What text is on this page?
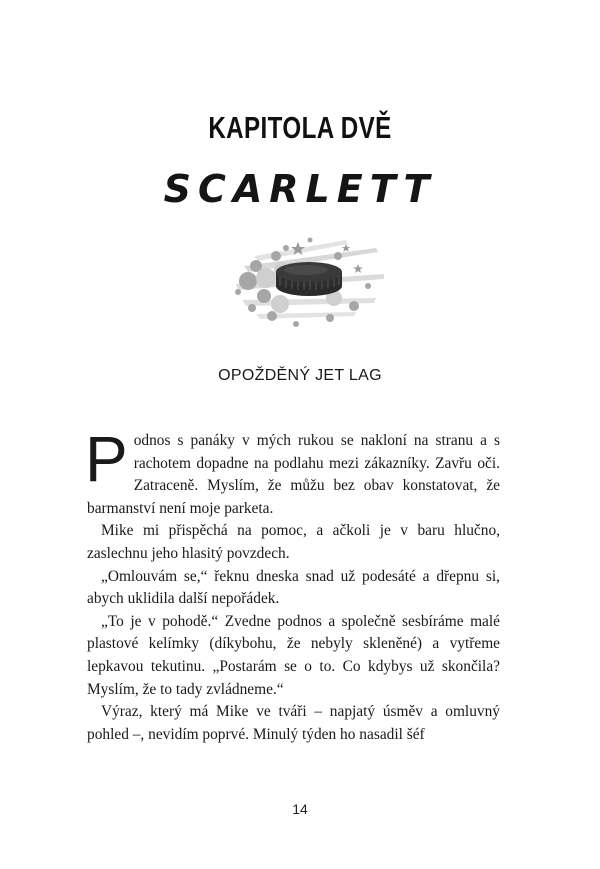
KAPITOLA DVĚ
SCARLETT
OPOŽDĚNÝ JET LAG

Podnos s panáky v mých rukou se nakloní na stranu a s rachotem dopadne na podlahu mezi zákazníky. Zavřu oči. Zatraceně. Myslím, že můžu bez obav konstatovat, že barmanství není moje parketa.

Mike mi přispěchá na pomoc, a ačkoli je v baru hlučno, zaslechnu jeho hlasitý povzdech.

„Omlouvám se,“ řeknu dneska snad už podesáté a dřepnu si, abych uklidila další nepořádek.

„To je v pohodě.“ Zvedne podnos a společně sesbíráme malé plastové kelímky (díkybohu, že nebyly skleněné) a vytřeme lepkavou tekutinu. „Postarám se o to. Co kdybys už skončila? Myslím, že to tady zvládneme.“

Výraz, který má Mike ve tváři – napjatý úsměv a omluvný pohled –, nevidím poprvé. Minulý týden ho nasadil šéf

14
